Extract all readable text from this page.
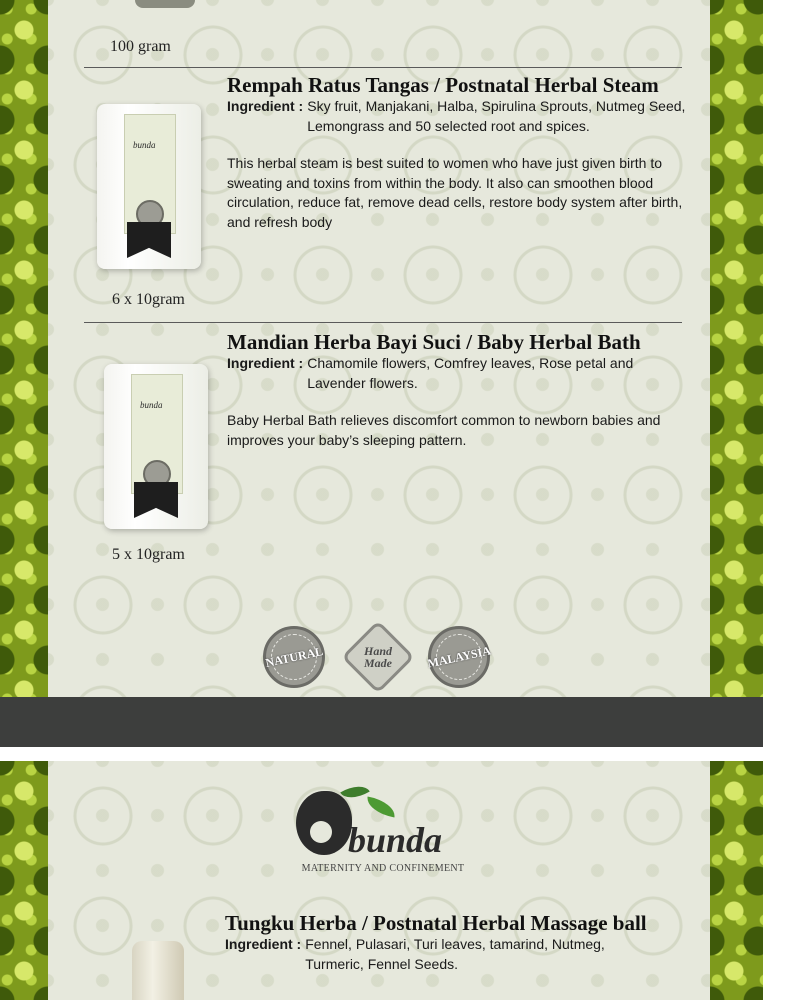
100 gram
bunda
Rempah Ratus Tangas / Postnatal Herbal Steam
Ingredient : Sky fruit, Manjakani, Halba, Spirulina Sprouts, Nutmeg Seed, Lemongrass and 50 selected root and spices.
This herbal steam is best suited to women who have just given birth to sweating and toxins from within the body. It also can smoothen blood circulation, reduce fat, remove dead cells, restore body system after birth, and refresh body
6 x 10gram
bunda
Mandian Herba Bayi Suci / Baby Herbal Bath
Ingredient : Chamomile flowers, Comfrey leaves, Rose petal and Lavender flowers.
Baby Herbal Bath relieves discomfort common to newborn babies and improves your baby’s sleeping pattern.
5 x 10gram
NATURAL	Hand Made	MALAYSIA
bunda
MATERNITY AND CONFINEMENT
Tungku Herba / Postnatal Herbal Massage ball
Ingredient : Fennel, Pulasari, Turi leaves, tamarind, Nutmeg, Turmeric, Fennel Seeds.
